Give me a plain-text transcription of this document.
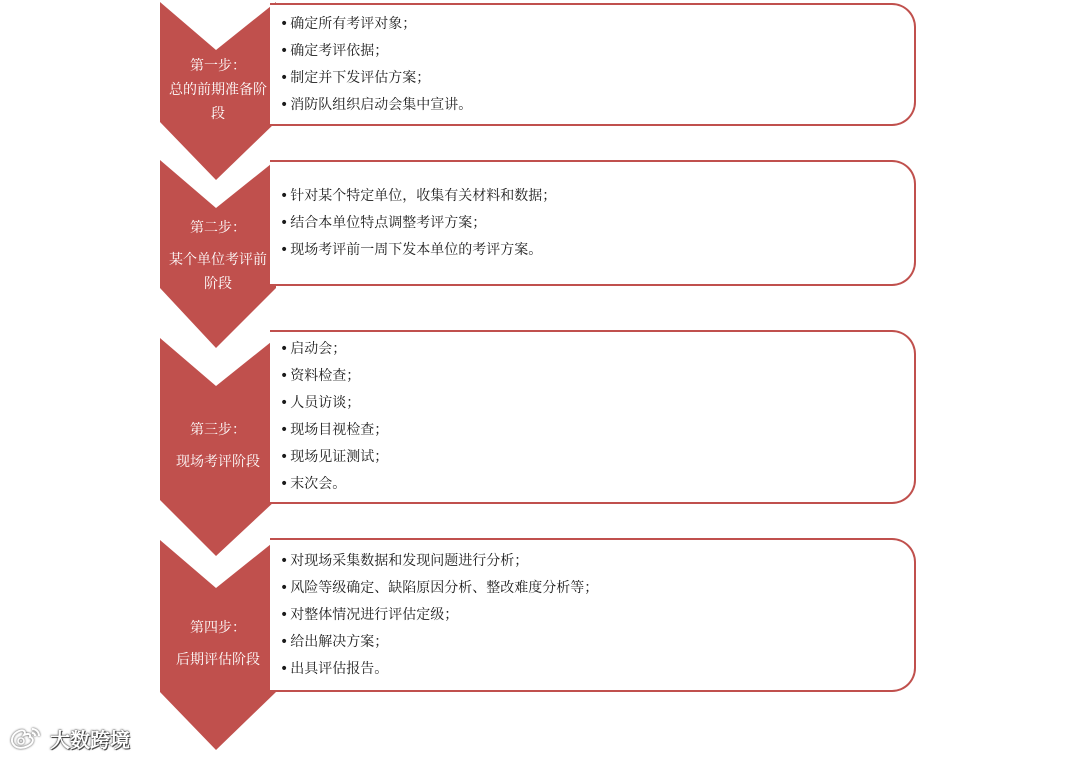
第一步：
总的前期准备阶
段
• 确定所有考评对象；
• 确定考评依据；
• 制定并下发评估方案；
• 消防队组织启动会集中宣讲。
第二步：
某个单位考评前
阶段
• 针对某个特定单位，收集有关材料和数据；
• 结合本单位特点调整考评方案；
• 现场考评前一周下发本单位的考评方案。
第三步：
现场考评阶段
• 启动会；
• 资料检查；
• 人员访谈；
• 现场目视检查；
• 现场见证测试；
• 末次会。
第四步：
后期评估阶段
• 对现场采集数据和发现问题进行分析；
• 风险等级确定、缺陷原因分析、整改难度分析等；
• 对整体情况进行评估定级；
• 给出解决方案；
• 出具评估报告。
大数跨境
